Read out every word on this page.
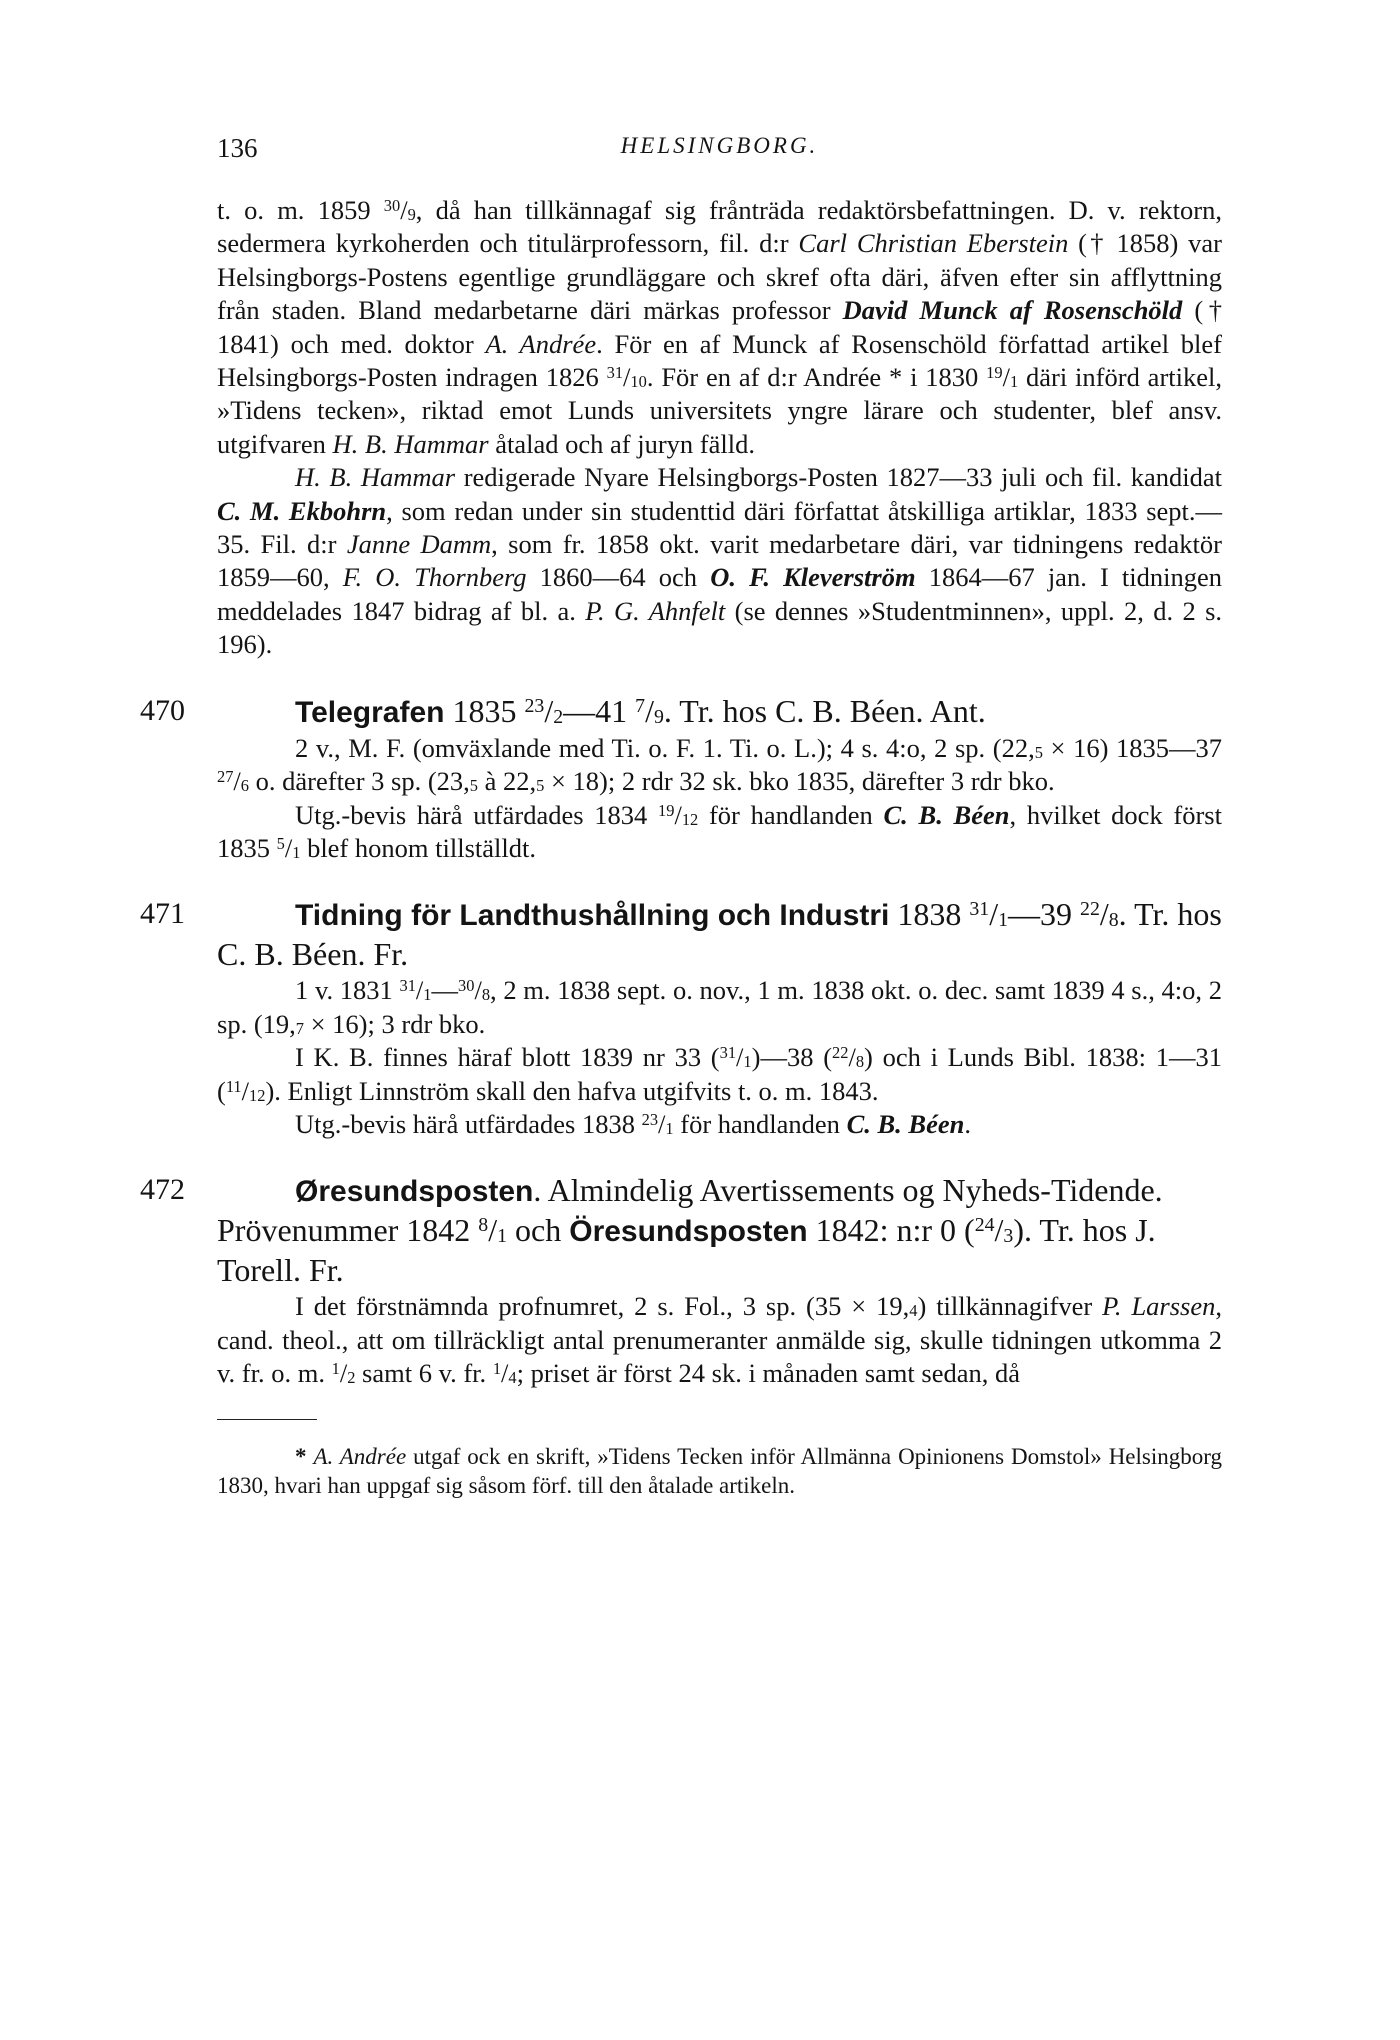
136	HELSINGBORG.

t. o. m. 1859 $^{30}/_9$, då han tillkännagaf sig frånträda redaktörsbefattningen. D. v. rektorn, sedermera kyrkoherden och titulärprofessorn, fil. d:r Carl Christian Eberstein († 1858) var Helsingborgs-Postens egentlige grundläggare och skref ofta däri, äfven efter sin afflyttning från staden. Bland medarbetarne däri märkas professor David Munck af Rosenschöld († 1841) och med. doktor A. Andrée. För en af Munck af Rosenschöld författad artikel blef Helsingborgs-Posten indragen 1826 $^{31}/_{10}$. För en af d:r Andrée * i 1830 $^{19}/_1$ däri införd artikel, »Tidens tecken», riktad emot Lunds universitets yngre lärare och studenter, blef ansv. utgifvaren H. B. Hammar åtalad och af juryn fälld.

H. B. Hammar redigerade Nyare Helsingborgs-Posten 1827—33 juli och fil. kandidat C. M. Ekbohrn, som redan under sin studenttid däri författat åtskilliga artiklar, 1833 sept.—35. Fil. d:r Janne Damm, som fr. 1858 okt. varit medarbetare däri, var tidningens redaktör 1859—60, F. O. Thornberg 1860—64 och O. F. Kleverström 1864—67 jan. I tidningen meddelades 1847 bidrag af bl. a. P. G. Ahnfelt (se dennes »Studentminnen», uppl. 2, d. 2 s. 196).

470	Telegrafen 1835 $^{23}/_2—41$ $^7/_9$. Tr. hos C. B. Béen. Ant.

2 v., M. F. (omväxlande med Ti. o. F. 1. Ti. o. L.); 4 s. 4:o, 2 sp. $(22,_5 \times 16)$ 1835—37 $^{27}/_6$ o. därefter 3 sp. ($23,_5$ à $22,_5 \times 18$); 2 rdr 32 sk. bko 1835, därefter 3 rdr bko.

Utg.-bevis härå utfärdades 1834 $^{19}/_{12}$ för handlanden C. B. Béen, hvilket dock först 1835 $^5/_1$ blef honom tillställdt.

471	Tidning för Landthushållning och Industri 1838 $^{31}/_1—39$ $^{22}/_8$. Tr. hos C. B. Béen. Fr.

1 v. 1831 $^{31}/_1—^{30}/_8$, 2 m. 1838 sept. o. nov., 1 m. 1838 okt. o. dec. samt 1839 4 s., 4:o, 2 sp. $(19,_7 \times 16)$; 3 rdr bko.

I K. B. finnes häraf blott 1839 nr 33 $(^{31}/_1)—38$ $(^{22}/_8)$ och i Lunds Bibl. 1838: 1—31 $(^{11}/_{12})$. Enligt Linnström skall den hafva utgifvits t. o. m. 1843.

Utg.-bevis härå utfärdades 1838 $^{23}/_1$ för handlanden C. B. Béen.

472	Øresundsposten. Almindelig Avertissements og Nyheds-Tidende. Prövenummer 1842 $^8/_1$ och Öresundsposten 1842: n:r 0 $(^{24}/_3)$. Tr. hos J. Torell. Fr.

I det förstnämnda profnumret, 2 s. Fol., 3 sp. $(35 \times 19,_4)$ tillkännagifver P. Larssen, cand. theol., att om tillräckligt antal prenumeranter anmälde sig, skulle tidningen utkomma 2 v. fr. o. m. $^1/_2$ samt 6 v. fr. $^1/_4$; priset är först 24 sk. i månaden samt sedan, då

* A. Andrée utgaf ock en skrift, »Tidens Tecken inför Allmänna Opinionens Domstol» Helsingborg 1830, hvari han uppgaf sig såsom förf. till den åtalade artikeln.
